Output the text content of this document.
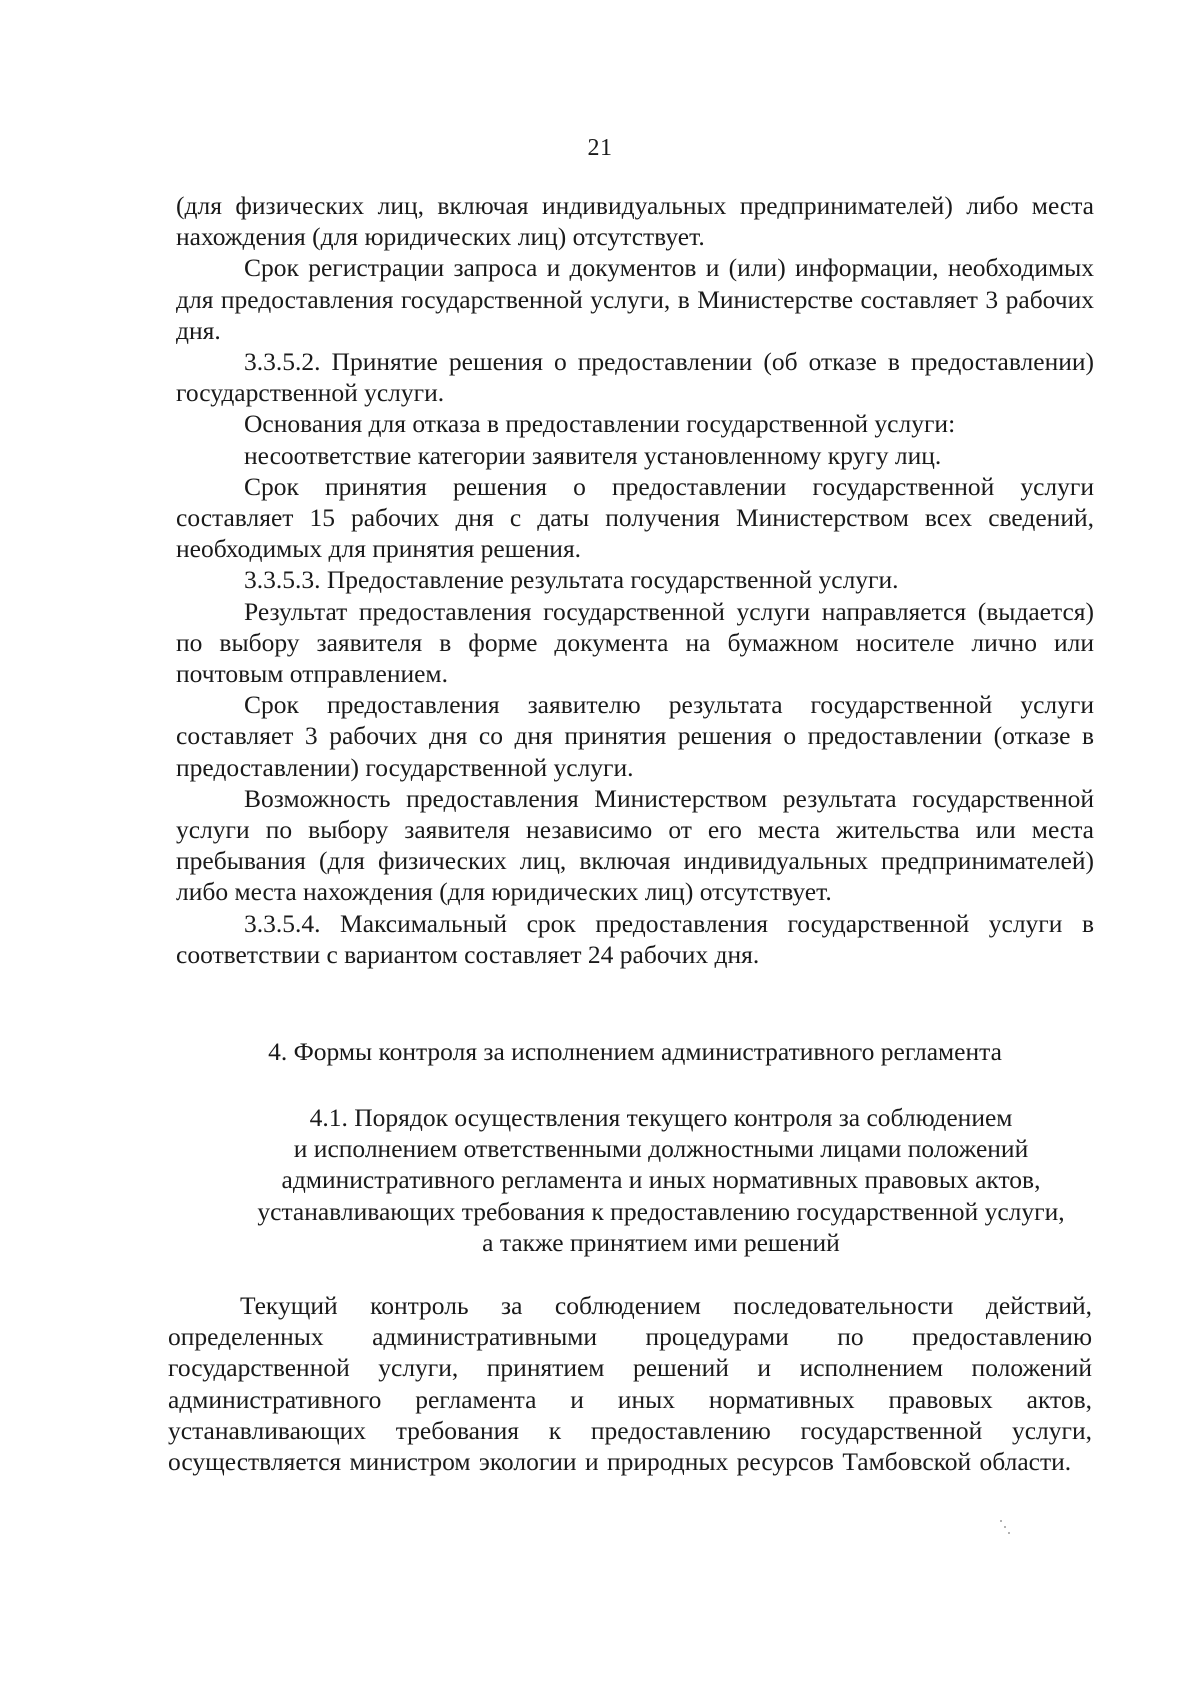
21

(для физических лиц, включая индивидуальных предпринимателей) либо места нахождения (для юридических лиц) отсутствует.

Срок регистрации запроса и документов и (или) информации, необходимых для предоставления государственной услуги, в Министерстве составляет 3 рабочих дня.

3.3.5.2. Принятие решения о предоставлении (об отказе в предоставлении) государственной услуги.

Основания для отказа в предоставлении государственной услуги:

несоответствие категории заявителя установленному кругу лиц.

Срок принятия решения о предоставлении государственной услуги составляет 15 рабочих дня с даты получения Министерством всех сведений, необходимых для принятия решения.

3.3.5.3. Предоставление результата государственной услуги.

Результат предоставления государственной услуги направляется (выдается) по выбору заявителя в форме документа на бумажном носителе лично или почтовым отправлением.

Срок предоставления заявителю результата государственной услуги составляет 3 рабочих дня со дня принятия решения о предоставлении (отказе в предоставлении) государственной услуги.

Возможность предоставления Министерством результата государственной услуги по выбору заявителя независимо от его места жительства или места пребывания (для физических лиц, включая индивидуальных предпринимателей) либо места нахождения (для юридических лиц) отсутствует.

3.3.5.4. Максимальный срок предоставления государственной услуги в соответствии с вариантом составляет 24 рабочих дня.

4. Формы контроля за исполнением административного регламента

4.1. Порядок осуществления текущего контроля за соблюдением
и исполнением ответственными должностными лицами положений
административного регламента и иных нормативных правовых актов,
устанавливающих требования к предоставлению государственной услуги,
а также принятием ими решений

Текущий контроль за соблюдением последовательности действий, определенных административными процедурами по предоставлению государственной услуги, принятием решений и исполнением положений административного регламента и иных нормативных правовых актов, устанавливающих требования к предоставлению государственной услуги, осуществляется министром экологии и природных ресурсов Тамбовской области.
